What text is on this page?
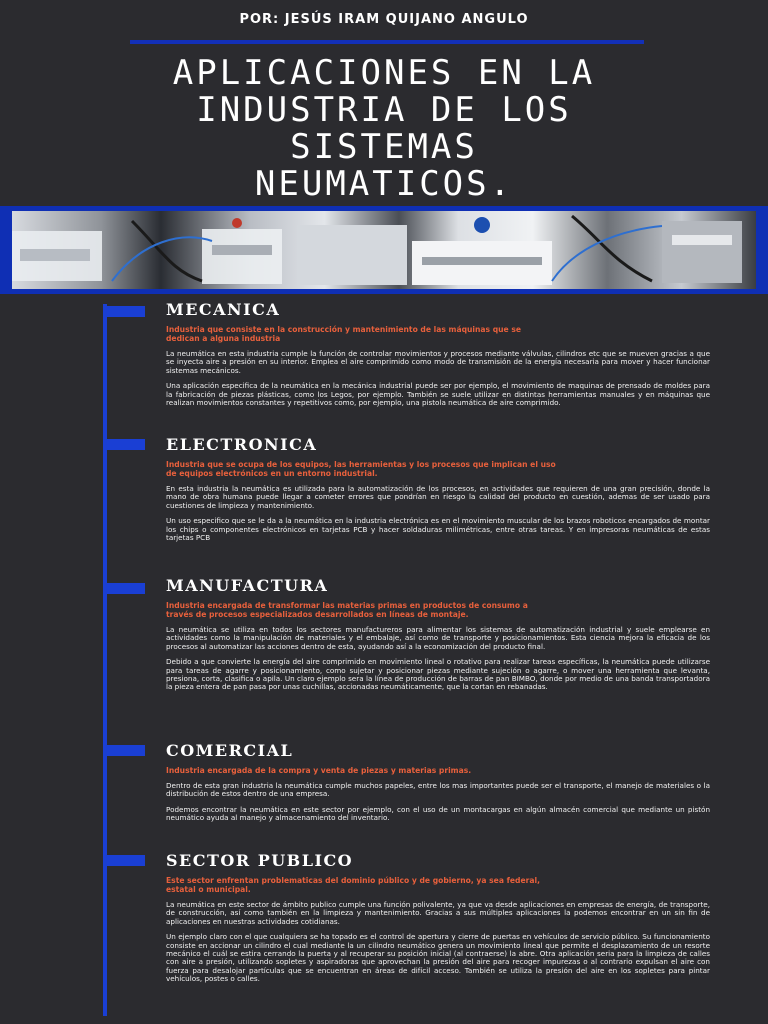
POR: JESÚS IRAM QUIJANO ANGULO
APLICACIONES EN LA
INDUSTRIA DE LOS
SISTEMAS
NEUMATICOS.
MECANICA

Industria que consiste en la construcción y mantenimiento de las máquinas que se dedican a alguna industria

La neumática en esta industria cumple la función de controlar movimientos y procesos mediante válvulas, cilindros etc que se mueven gracias a que se inyecta aire a presión en su interior. Emplea el aire comprimido como modo de transmisión de la energía necesaria para mover y hacer funcionar sistemas mecánicos.

Una aplicación especifica de la neumática en la mecánica industrial puede ser por ejemplo, el movimiento de maquinas de prensado de moldes para la fabricación de piezas plásticas, como los Legos, por ejemplo. También se suele utilizar en distintas herramientas manuales y en máquinas que realizan movimientos constantes y repetitivos como, por ejemplo, una pistola neumática de aire comprimido.

ELECTRONICA

Industria que se ocupa de los equipos, las herramientas y los procesos que implican el uso de equipos electrónicos en un entorno industrial.

En esta industria la neumática es utilizada para la automatización de los procesos, en actividades que requieren de una gran precisión, donde la mano de obra humana puede llegar a cometer errores que pondrían en riesgo la calidad del producto en cuestión, ademas de ser usado para cuestiones de limpieza y mantenimiento.

Un uso especifico que se le da a la neumática en la industria electrónica es en el movimiento muscular de los brazos roboticos encargados de montar los chips o componentes electrónicos en tarjetas PCB y hacer soldaduras milimétricas, entre otras tareas. Y en impresoras neumáticas de estas tarjetas PCB

MANUFACTURA

Industria encargada de transformar las materias primas en productos de consumo a través de procesos especializados desarrollados en líneas de montaje.

La neumática se utiliza en todos los sectores manufactureros para alimentar los sistemas de automatización industrial y suele emplearse en actividades como la manipulación de materiales y el embalaje, así como de transporte y posicionamientos. Esta ciencia mejora la eficacia de los procesos al automatizar las acciones dentro de esta, ayudando así a la economización del producto final.

Debido a que convierte la energía del aire comprimido en movimiento lineal o rotativo para realizar tareas específicas, la neumática puede utilizarse para tareas de agarre y posicionamiento, como sujetar y posicionar piezas mediante sujeción o agarre, o mover una herramienta que levanta, presiona, corta, clasifica o apila. Un claro ejemplo sera la línea de producción de barras de pan BIMBO, donde por medio de una banda transportadora la pieza entera de pan pasa por unas cuchillas, accionadas neumáticamente, que la cortan en rebanadas.

COMERCIAL

Industria encargada de la compra y venta de piezas y materias primas.

Dentro de esta gran industria la neumática cumple muchos papeles, entre los mas importantes puede ser el transporte, el manejo de materiales o la distribución de estos dentro de una empresa.

Podemos encontrar la neumática en este sector por ejemplo, con el uso de un montacargas en algún almacén comercial que mediante un pistón neumático ayuda al manejo y almacenamiento del inventario.

SECTOR PUBLICO

Este sector enfrentan problematicas del dominio público y de gobierno, ya sea federal, estatal o municipal.

La neumática en este sector de ámbito publico cumple una función polivalente, ya que va desde aplicaciones en empresas de energía, de transporte, de construcción, así como también en la limpieza y mantenimiento. Gracias a sus múltiples aplicaciones la podemos encontrar en un sin fin de aplicaciones en nuestras actividades cotidianas.

Un ejemplo claro con el que cualquiera se ha topado es el control de apertura y cierre de puertas en vehículos de servicio público. Su funcionamiento consiste en accionar un cilindro el cual mediante la un cilindro neumático genera un movimiento lineal que permite el desplazamiento de un resorte mecánico el cuál se estira cerrando la puerta y al recuperar su posición inicial (al contraerse) la abre. Otra aplicación seria para la limpieza de calles con aire a presión, utilizando sopletes y aspiradoras que aprovechan la presión del aire para recoger impurezas o al contrario expulsan el aire con fuerza para desalojar partículas que se encuentran en áreas de difícil acceso. También se utiliza la presión del aire en los sopletes para pintar vehículos, postes o calles.
